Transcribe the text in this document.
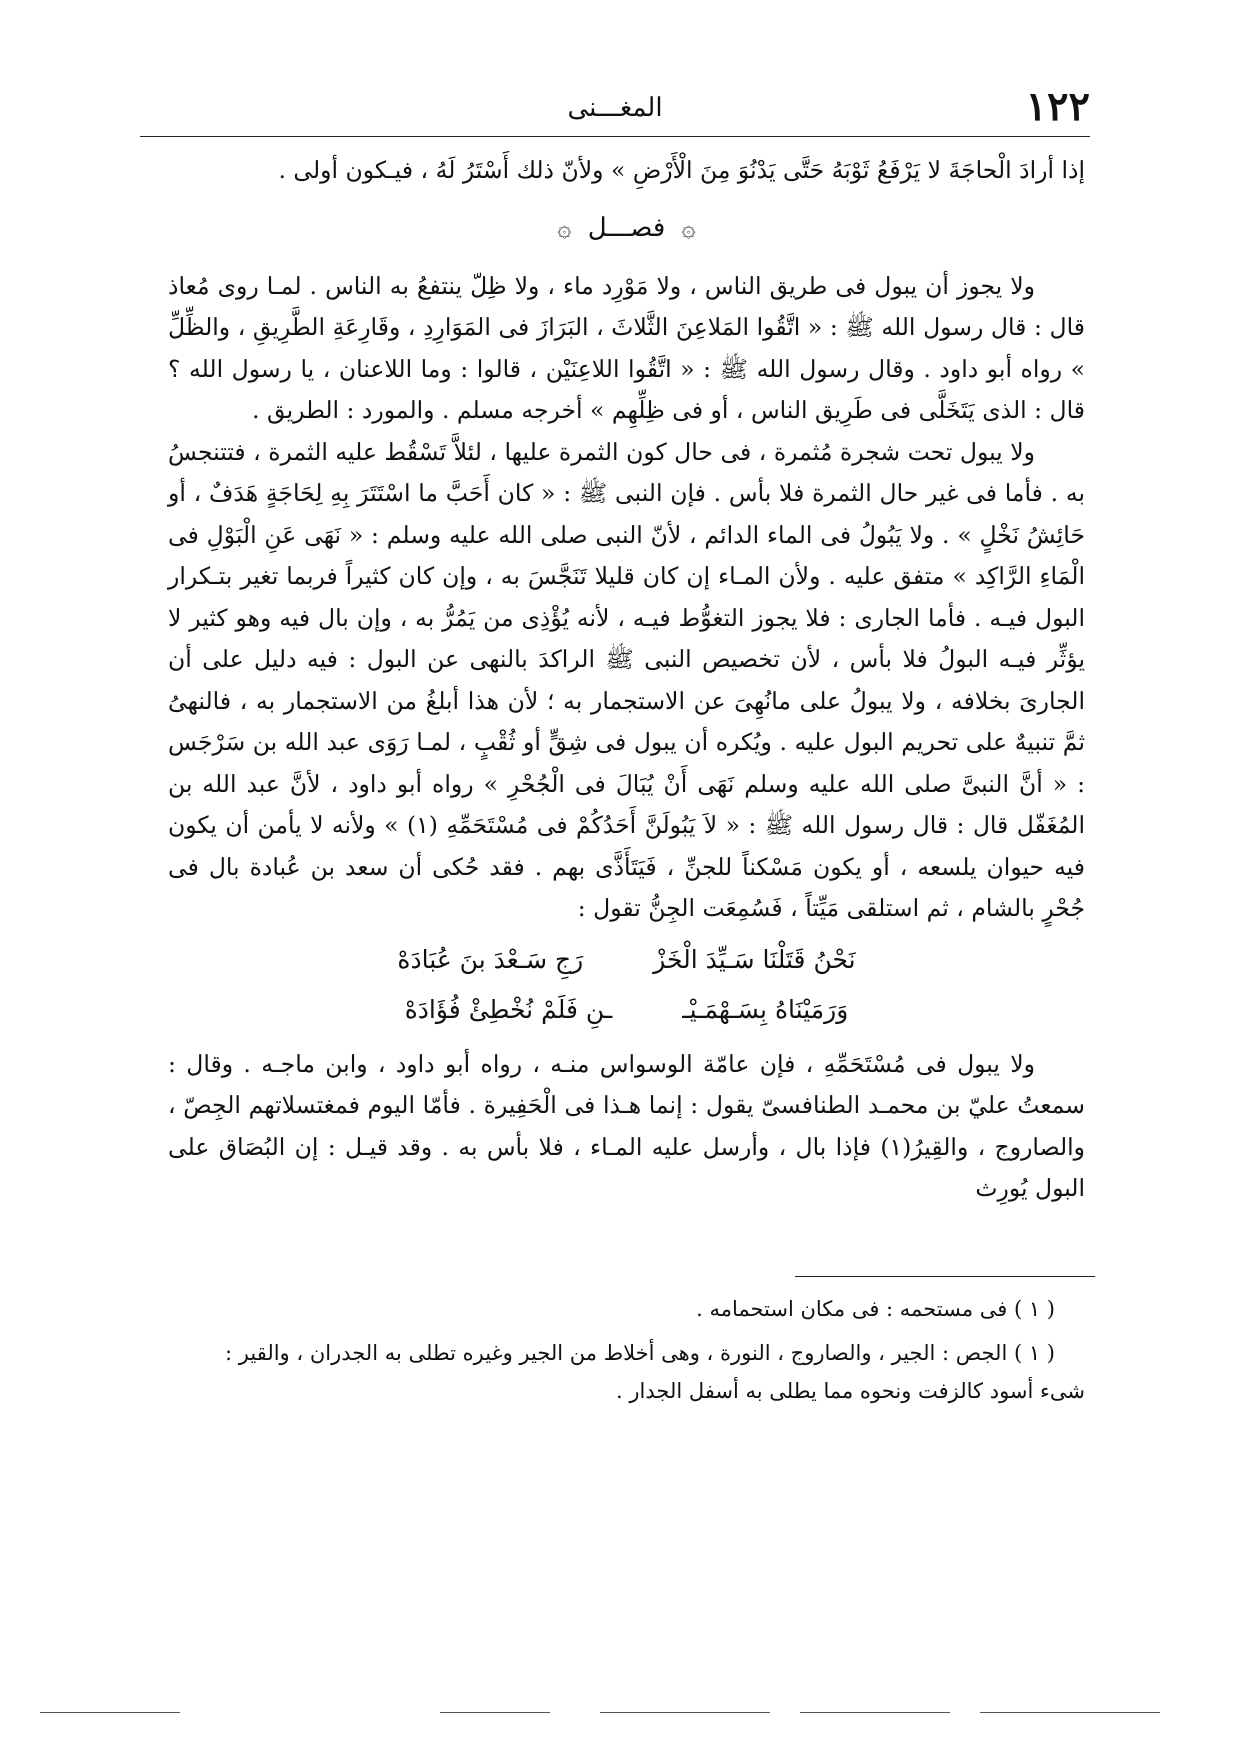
١٢٢
المغـــنى

إذا أرادَ الْحاجَةَ لا يَرْفَعُ ثَوْبَهُ حَتَّى يَدْنُوَ مِنَ الْأَرْضِ » ولأنّ ذلك أَسْتَرُ لَهُ ، فيـكون أولى .

۞ فصـــل ۞

ولا يجوز أن يبول فى طريق الناس ، ولا مَوْرِد ماء ، ولا ظِلّ ينتفعُ به الناس . لمـا روى مُعاذ قال : قال رسول الله ﷺ : « اتَّقُوا المَلاعِنَ الثَّلاثَ ، البَرَازَ فى المَوَارِدِ ، وقَارِعَةِ الطَّرِيقِ ، والظِّلِّ » رواه أبو داود . وقال رسول الله ﷺ : « اتَّقُوا اللاعِنَيْن ، قالوا : وما اللاعنان ، يا رسول الله ؟ قال : الذى يَتَخَلَّى فى طَرِيق الناس ، أو فى ظِلِّهِم » أخرجه مسلم . والمورد : الطريق .

ولا يبول تحت شجرة مُثمرة ، فى حال كون الثمرة عليها ، لئلاَّ تَسْقُط عليه الثمرة ، فتتنجسُ به . فأما فى غير حال الثمرة فلا بأس . فإن النبى ﷺ : « كان أَحَبَّ ما اسْتَتَرَ بِهِ لِحَاجَةٍ هَدَفٌ ، أو حَائِشُ نَخْلٍ » . ولا يَبُولُ فى الماء الدائم ، لأنّ النبى صلى الله عليه وسلم : « نَهَى عَنِ الْبَوْلِ فى الْمَاءِ الرَّاكِد » متفق عليه . ولأن المـاء إن كان قليلا تَنَجَّسَ به ، وإن كان كثيراً فربما تغير بتـكرار البول فيـه . فأما الجارى : فلا يجوز التغوُّط فيـه ، لأنه يُؤْذِى من يَمُرُّ به ، وإن بال فيه وهو كثير لا يؤثِّر فيـه البولُ فلا بأس ، لأن تخصيص النبى ﷺ الراكدَ بالنهى عن البول : فيه دليل على أن الجارىَ بخلافه ، ولا يبولُ على مانُهِىَ عن الاستجمار به ؛ لأن هذا أبلغُ من الاستجمار به ، فالنهىُ ثمَّ تنبيهٌ على تحريم البول عليه . ويُكره أن يبول فى شِقٍّ أو ثُقْبٍ ، لمـا رَوَى عبد الله بن سَرْجَس : « أنَّ النبىَّ صلى الله عليه وسلم نَهَى أَنْ يُبَالَ فى الْجُحْرِ » رواه أبو داود ، لأنَّ عبد الله بن المُغَفّل قال : قال رسول الله ﷺ : « لاَ يَبُولَنَّ أَحَدُكُمْ فى مُسْتَحَمِّهِ (١) » ولأنه لا يأمن أن يكون فيه حيوان يلسعه ، أو يكون مَسْكناً للجنِّ ، فَيَتَأَذَّى بهم . فقد حُكى أن سعد بن عُبادة بال فى جُحْرٍ بالشام ، ثم استلقى مَيِّتاً ، فَسُمِعَت الجِنُّ تقول :

نَحْنُ قَتَلْنَا سَـيِّدَ الْخَزْ
رَجِ سَـعْدَ بنَ عُبَادَهْ
وَرَمَيْنَاهُ بِسَـهْمَـيْـ
ـنِ فَلَمْ نُخْطِئْ فُؤَادَهْ

ولا يبول فى مُسْتَحَمِّهِ ، فإن عامّة الوسواس منـه ، رواه أبو داود ، وابن ماجـه . وقال : سمعتُ عليّ بن محمـد الطنافسىّ يقول : إنما هـذا فى الْحَفِيرة . فأمّا اليوم فمغتسلاتهم الجِصّ ، والصاروج ، والقِيرُ(١) فإذا بال ، وأرسل عليه المـاء ، فلا بأس به . وقد قيـل : إن البُصَاق على البول يُورِث

( ١ ) فى مستحمه : فى مكان استحمامه .

( ١ ) الجص : الجير ، والصاروج ، النورة ، وهى أخلاط من الجير وغيره تطلى به الجدران ، والقير :

شىء أسود كالزفت ونحوه مما يطلى به أسفل الجدار .
